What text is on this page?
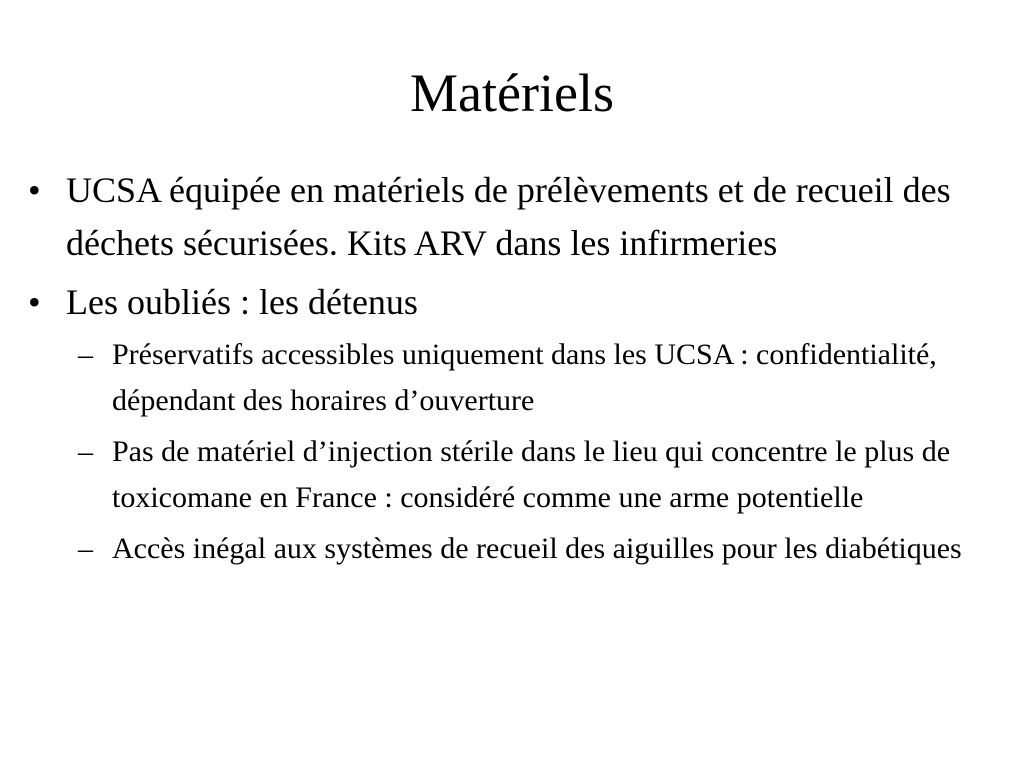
Matériels
• UCSA équipée en matériels de prélèvements et de recueil des déchets sécurisées. Kits ARV dans les infirmeries
• Les oubliés : les détenus
– Préservatifs accessibles uniquement dans les UCSA : confidentialité, dépendant des horaires d’ouverture
– Pas de matériel d’injection stérile dans le lieu qui concentre le plus de toxicomane en France : considéré comme une arme potentielle
– Accès inégal aux systèmes de recueil des aiguilles pour les diabétiques
